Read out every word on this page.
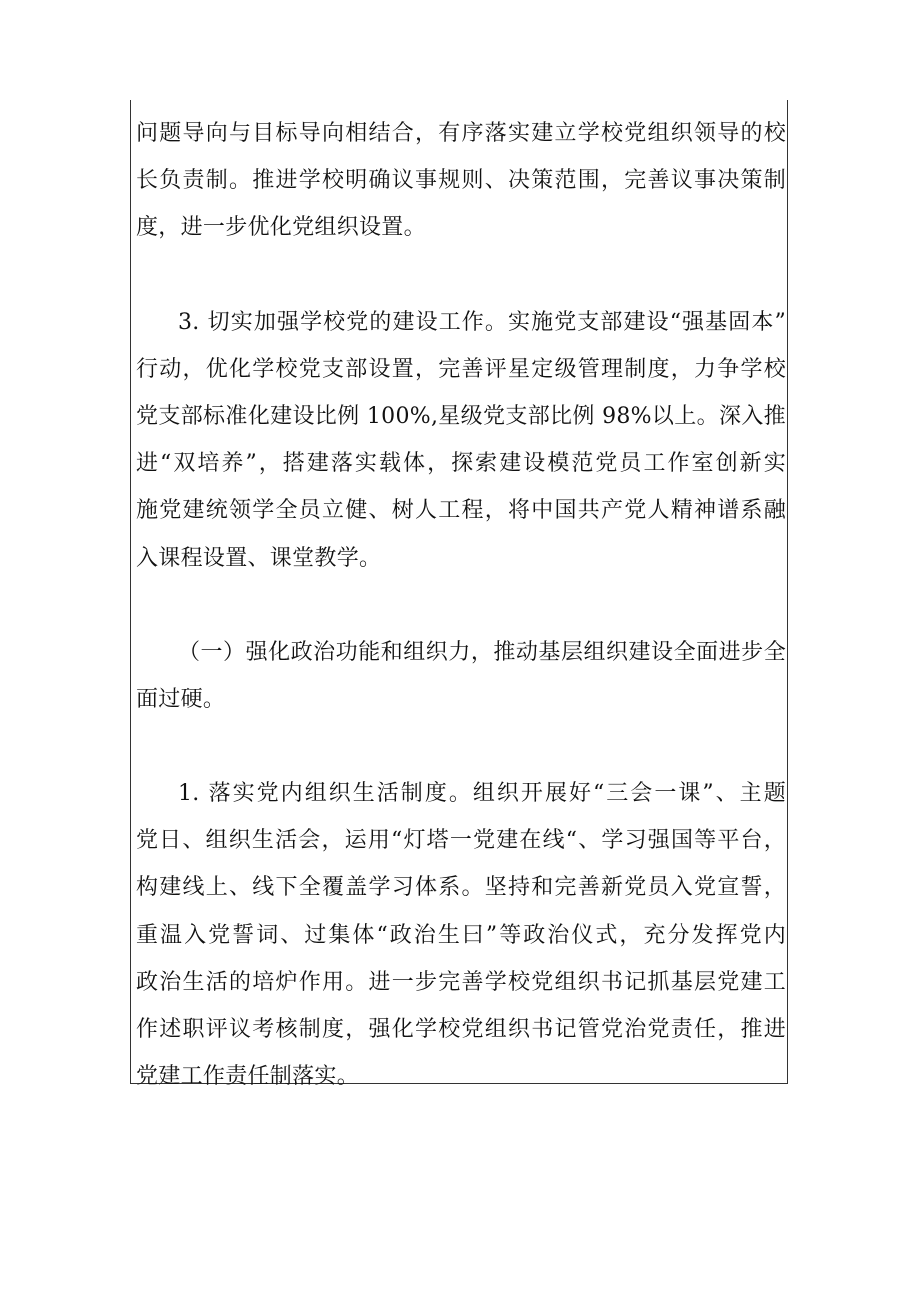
问题导向与目标导向相结合，有序落实建立学校党组织领导的校
长负责制。推进学校明确议事规则、决策范围，完善议事决策制
度，进一步优化党组织设置。
3. 切实加强学校党的建设工作。实施党支部建设“强基固本”
行动，优化学校党支部设置，完善评星定级管理制度，力争学校
党支部标准化建设比例 100%,星级党支部比例 98%以上。深入推
进“双培养”，搭建落实载体，探索建设模范党员工作室创新实
施党建统领学全员立健、树人工程，将中国共产党人精神谱系融
入课程设置、课堂教学。
（一）强化政治功能和组织力，推动基层组织建设全面进步全
面过硬。
1. 落实党内组织生活制度。组织开展好“三会一课”、主题
党日、组织生活会，运用“灯塔一党建在线“、学习强国等平台，
构建线上、线下全覆盖学习体系。坚持和完善新党员入党宣誓，
重温入党誓词、过集体“政治生曰”等政治仪式，充分发挥党内
政治生活的培炉作用。进一步完善学校党组织书记抓基层党建工
作述职评议考核制度，强化学校党组织书记管党治党责任，推进
党建工作责任制落实。
